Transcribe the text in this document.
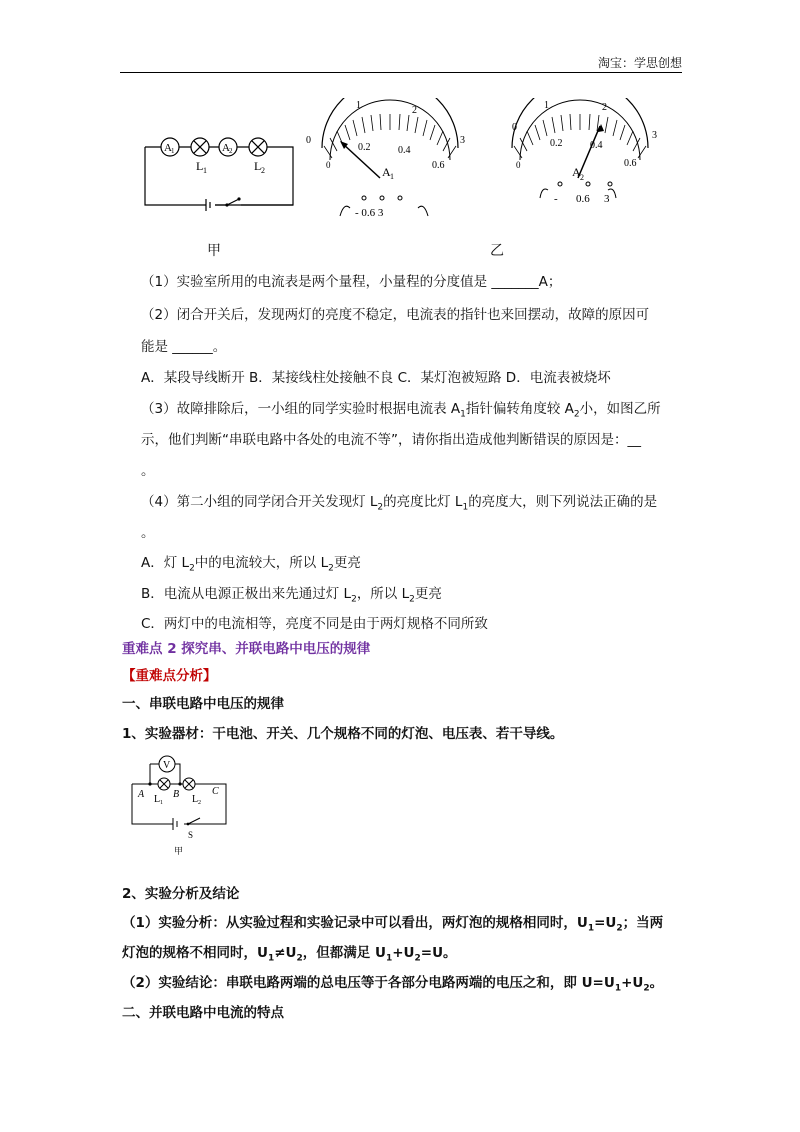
淘宝：学思创想
A 1	A 2
L 1	L 2
0
1	2
3
0
0.2	0.4
0.6
A 1
- 0.6 3
0
1	2
3
0
0.2	0.4
0.6
A 2
- 0.6 3
甲	乙
（1）实验室所用的电流表是两个量程，小量程的分度值是 _______A；
（2）闭合开关后，发现两灯的亮度不稳定，电流表的指针也来回摆动，故障的原因可
能是 ______。
A．某段导线断开 B．某接线柱处接触不良 C．某灯泡被短路 D．电流表被烧坏
（3）故障排除后，一小组的同学实验时根据电流表 $A_1$指针偏转角度较 $A_2$小，如图乙所
示，他们判断“串联电路中各处的电流不等”，请你指出造成他判断错误的原因是：__
。
（4）第二小组的同学闭合开关发现灯 $L_2$的亮度比灯 $L_1$的亮度大，则下列说法正确的是
。
A．灯 $L_2$中的电流较大，所以 $L_2$更亮
B．电流从电源正极出来先通过灯 $L_2$，所以 $L_2$更亮
C．两灯中的电流相等，亮度不同是由于两灯规格不同所致
重难点 2 探究串、并联电路中电压的规律
【重难点分析】
一、串联电路中电压的规律
1、实验器材：干电池、开关、几个规格不同的灯泡、电压表、若干导线。
V
A	B	C
L 1	L 2
S
甲
2、实验分析及结论
（1）实验分析：从实验过程和实验记录中可以看出，两灯泡的规格相同时，$U_1=U_2$；当两
灯泡的规格不相同时，$U_1\ne U_2$，但都满足 $U_1+U_2=U$。
（2）实验结论：串联电路两端的总电压等于各部分电路两端的电压之和，即 $U=U_1+U_2$。
二、并联电路中电流的特点
